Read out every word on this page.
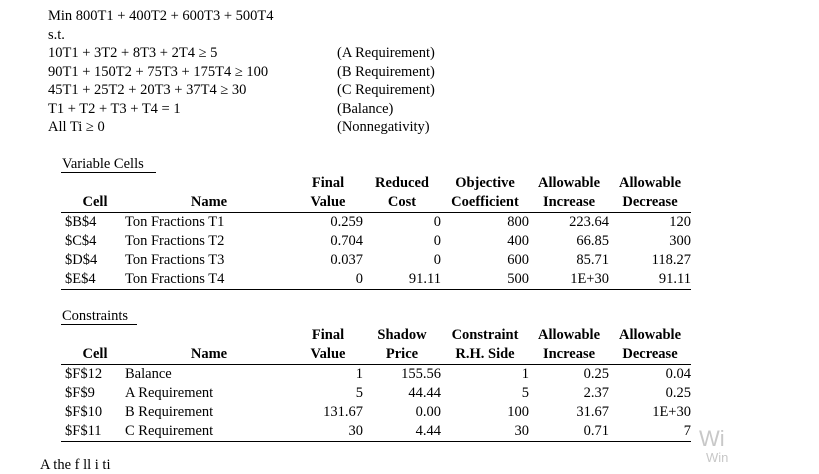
Min 800T1 + 400T2 + 600T3 + 500T4
s.t.
10T1 + 3T2 + 8T3 + 2T4 ≥ 5	(A Requirement)
90T1 + 150T2 + 75T3 + 175T4 ≥ 100	(B Requirement)
45T1 + 25T2 + 20T3 + 37T4 ≥ 30	(C Requirement)
T1 + T2 + T3 + T4 = 1	(Balance)
All Ti ≥ 0	(Nonnegativity)
Variable Cells
		Final	Reduced	Objective	Allowable	Allowable
Cell	Name	Value	Cost	Coefficient	Increase	Decrease
$B$4	Ton Fractions T1	0.259	0	800	223.64	120
$C$4	Ton Fractions T2	0.704	0	400	66.85	300
$D$4	Ton Fractions T3	0.037	0	600	85.71	118.27
$E$4	Ton Fractions T4	0	91.11	500	1E+30	91.11
Constraints
		Final	Shadow	Constraint	Allowable	Allowable
Cell	Name	Value	Price	R.H. Side	Increase	Decrease
$F$12	Balance	1	155.56	1	0.25	0.04
$F$9	A Requirement	5	44.44	5	2.37	0.25
$F$10	B Requirement	131.67	0.00	100	31.67	1E+30
$F$11	C Requirement	30	4.44	30	0.71	7
A the f ll i ti
Wi
Win
